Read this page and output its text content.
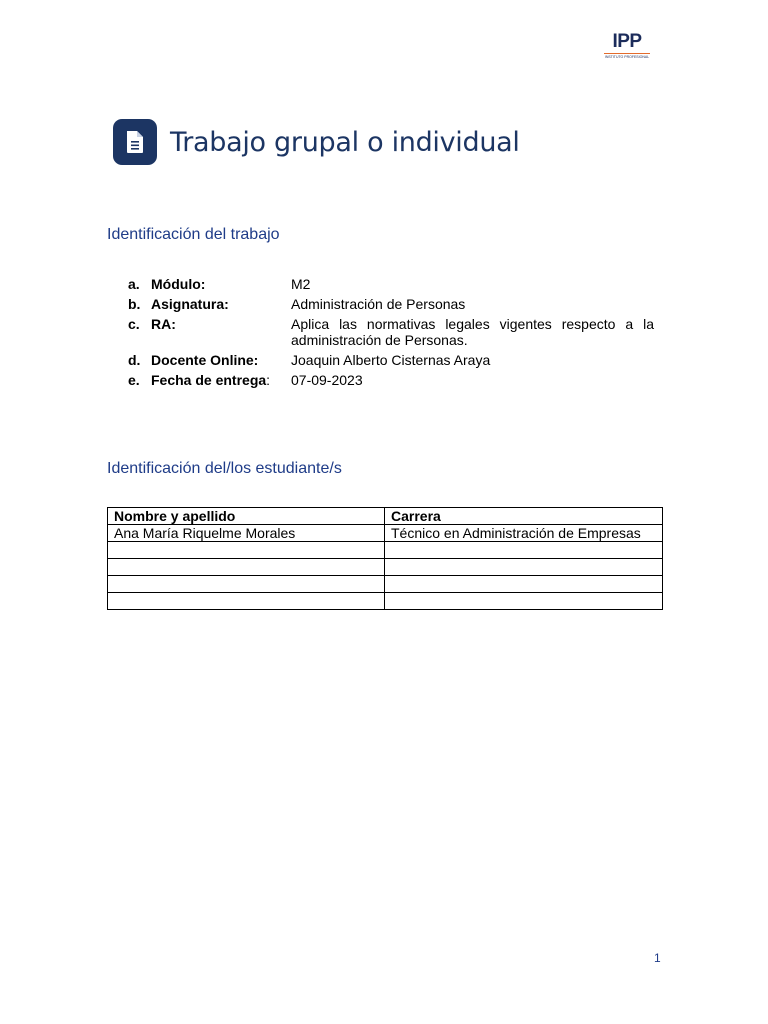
IPP
INSTITUTO PROFESIONAL
Trabajo grupal o individual
Identificación del trabajo
a. Módulo:	M2
b. Asignatura:	Administración de Personas
c. RA:	Aplica las normativas legales vigentes respecto a la administración de Personas.
d. Docente Online:	Joaquin Alberto Cisternas Araya
e. Fecha de entrega:	07-09-2023
Identificación del/los estudiante/s
Nombre y apellido	Carrera
Ana María Riquelme Morales	Técnico en Administración de Empresas

1
